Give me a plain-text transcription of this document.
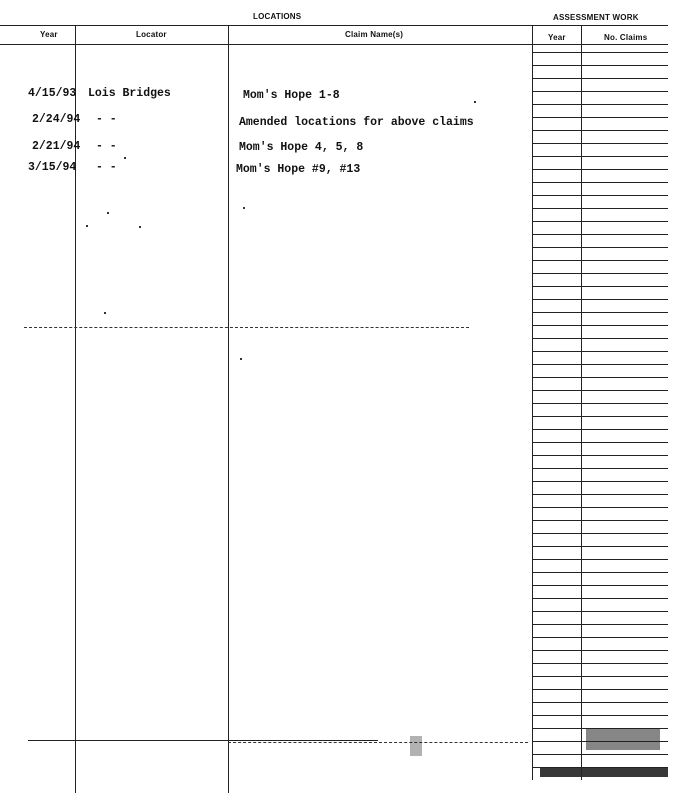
LOCATIONS	ASSESSMENT WORK
Year	Locator	Claim Name(s)	Year	No. Claims
4/15/93 Lois Bridges	Mom's Hope 1-8
2/24/94 - -	Amended locations for above claims
2/21/94 - -	Mom's Hope 4, 5, 8
3/15/94 - -	Mom's Hope #9, #13
